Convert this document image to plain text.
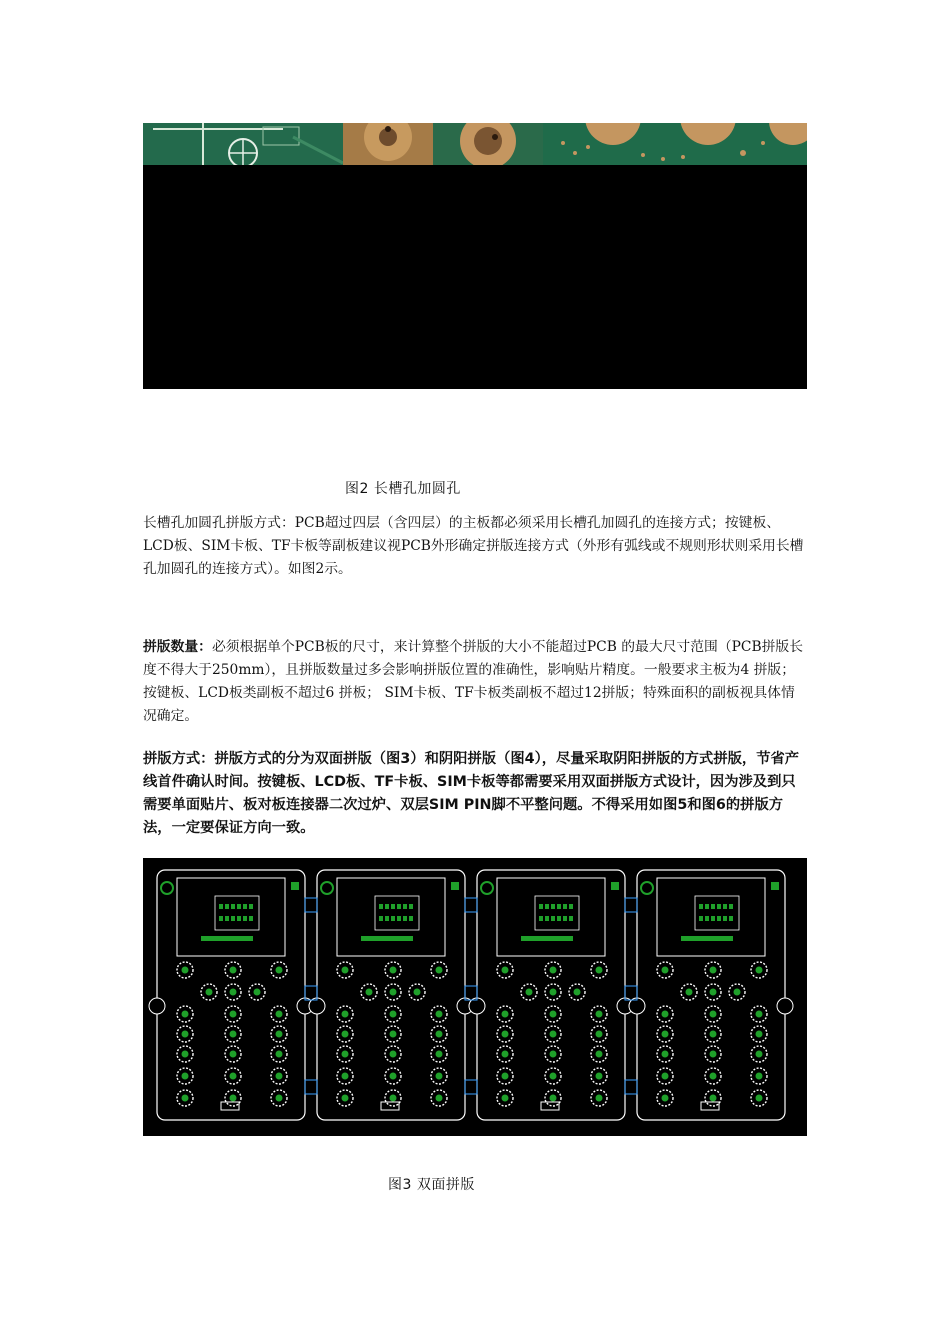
图2 长槽孔加圆孔
长槽孔加圆孔拼版方式：PCB超过四层（含四层）的主板都必须采用长槽孔加圆孔的连接方式；按键板、LCD板、SIM卡板、TF卡板等副板建议视PCB外形确定拼版连接方式（外形有弧线或不规则形状则采用长槽孔加圆孔的连接方式）。如图2示。
拼版数量：必须根据单个PCB板的尺寸，来计算整个拼版的大小不能超过PCB 的最大尺寸范围（PCB拼版长度不得大于250mm），且拼版数量过多会影响拼版位置的准确性，影响贴片精度。一般要求主板为4 拼版；按键板、LCD板类副板不超过6 拼板； SIM卡板、TF卡板类副板不超过12拼版；特殊面积的副板视具体情况确定。
拼版方式：拼版方式的分为双面拼版（图3）和阴阳拼版（图4），尽量采取阴阳拼版的方式拼版，节省产线首件确认时间。按键板、LCD板、TF卡板、SIM卡板等都需要采用双面拼版方式设计，因为涉及到只需要单面贴片、板对板连接器二次过炉、双层SIM PIN脚不平整问题。不得采用如图5和图6的拼版方法，一定要保证方向一致。
图3 双面拼版
